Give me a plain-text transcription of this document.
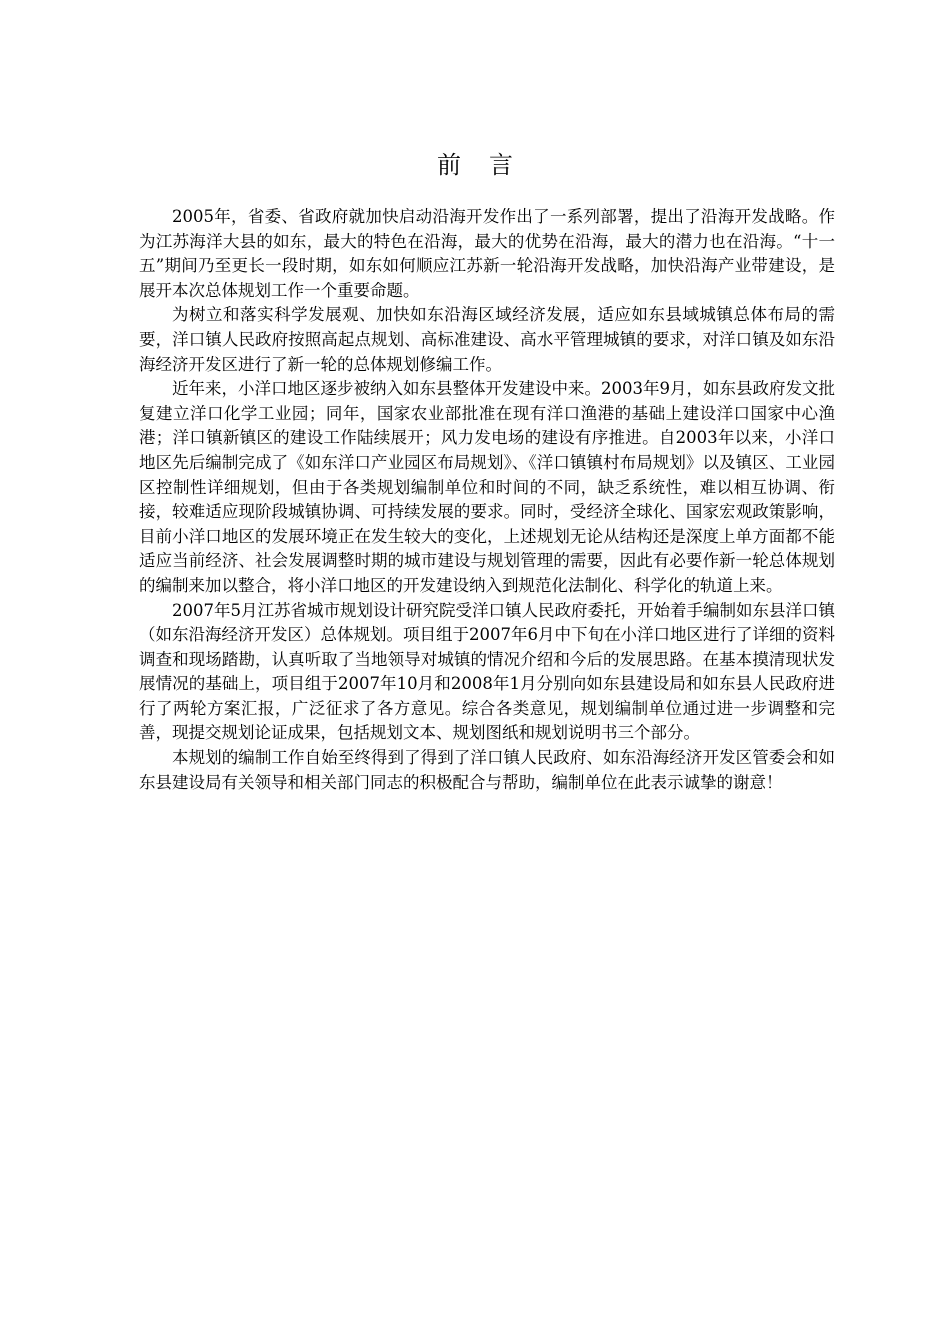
前言

2005年，省委、省政府就加快启动沿海开发作出了一系列部署，提出了沿海开发战略。作为江苏海洋大县的如东，最大的特色在沿海，最大的优势在沿海，最大的潜力也在沿海。“十一五”期间乃至更长一段时期，如东如何顺应江苏新一轮沿海开发战略，加快沿海产业带建设，是展开本次总体规划工作一个重要命题。

为树立和落实科学发展观、加快如东沿海区域经济发展，适应如东县域城镇总体布局的需要，洋口镇人民政府按照高起点规划、高标准建设、高水平管理城镇的要求，对洋口镇及如东沿海经济开发区进行了新一轮的总体规划修编工作。

近年来，小洋口地区逐步被纳入如东县整体开发建设中来。2003年9月，如东县政府发文批复建立洋口化学工业园；同年，国家农业部批准在现有洋口渔港的基础上建设洋口国家中心渔港；洋口镇新镇区的建设工作陆续展开；风力发电场的建设有序推进。自2003年以来，小洋口地区先后编制完成了《如东洋口产业园区布局规划》、《洋口镇镇村布局规划》以及镇区、工业园区控制性详细规划，但由于各类规划编制单位和时间的不同，缺乏系统性，难以相互协调、衔接，较难适应现阶段城镇协调、可持续发展的要求。同时，受经济全球化、国家宏观政策影响，目前小洋口地区的发展环境正在发生较大的变化，上述规划无论从结构还是深度上单方面都不能适应当前经济、社会发展调整时期的城市建设与规划管理的需要，因此有必要作新一轮总体规划的编制来加以整合，将小洋口地区的开发建设纳入到规范化法制化、科学化的轨道上来。

2007年5月江苏省城市规划设计研究院受洋口镇人民政府委托，开始着手编制如东县洋口镇（如东沿海经济开发区）总体规划。项目组于2007年6月中下旬在小洋口地区进行了详细的资料调查和现场踏勘，认真听取了当地领导对城镇的情况介绍和今后的发展思路。在基本摸清现状发展情况的基础上，项目组于2007年10月和2008年1月分别向如东县建设局和如东县人民政府进行了两轮方案汇报，广泛征求了各方意见。综合各类意见，规划编制单位通过进一步调整和完善，现提交规划论证成果，包括规划文本、规划图纸和规划说明书三个部分。

本规划的编制工作自始至终得到了得到了洋口镇人民政府、如东沿海经济开发区管委会和如东县建设局有关领导和相关部门同志的积极配合与帮助，编制单位在此表示诚挚的谢意！
